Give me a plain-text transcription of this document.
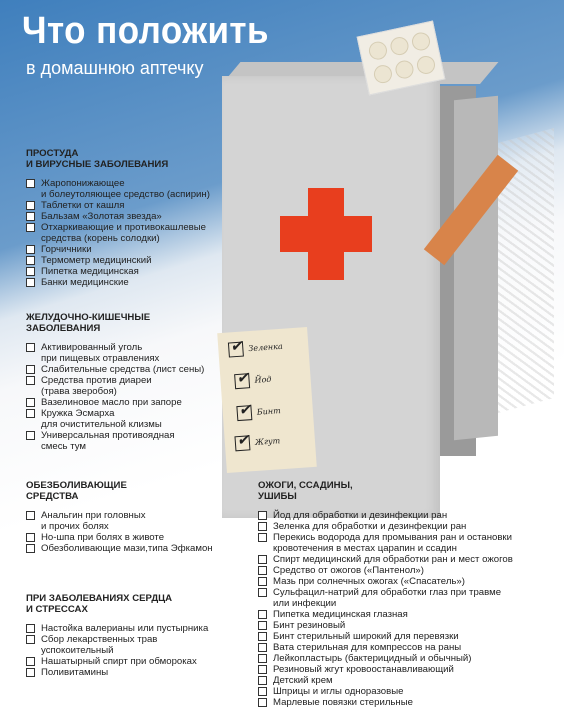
Что положить
в домашнюю аптечку
✔
Зеленка
✔
Йод
✔
Бинт
✔
Жгут
ПРОСТУДА
И ВИРУСНЫЕ ЗАБОЛЕВАНИЯ
Жаропонижающее
и болеутоляющее средство (аспирин)
Таблетки от кашля
Бальзам «Золотая звезда»
Отхаркивающие и противокашлевые
средства (корень солодки)
Горчичники
Термометр медицинский
Пипетка медицинская
Банки медицинские
ЖЕЛУДОЧНО-КИШЕЧНЫЕ
ЗАБОЛЕВАНИЯ
Активированный уголь
при пищевых отравлениях
Слабительные средства (лист сены)
Средства против диареи
(трава зверобоя)
Вазелиновое масло при запоре
Кружка Эсмарха
для очистительной клизмы
Универсальная противоядная
смесь тум
ОБЕЗБОЛИВАЮЩИЕ
СРЕДСТВА
Анальгин при головных
и прочих болях
Но-шпа при болях в животе
Обезболивающие мази,типа Эфкамон
ПРИ ЗАБОЛЕВАНИЯХ СЕРДЦА
И СТРЕССАХ
Настойка валерианы или пустырника
Сбор лекарственных трав
успокоительный
Нашатырный спирт при обмороках
Поливитамины
ОЖОГИ, ССАДИНЫ,
УШИБЫ
Йод для обработки и дезинфекции ран
Зеленка для обработки и дезинфекции ран
Перекись водорода для промывания ран и остановки
кровотечения в местах царапин и ссадин
Спирт медицинский для обработки ран и мест ожогов
Средство от ожогов («Пантенол»)
Мазь при солнечных ожогах («Спасатель»)
Сульфацил-натрий для обработки глаз при травме
или инфекции
Пипетка медицинская глазная
Бинт резиновый
Бинт стерильный широкий для перевязки
Вата стерильная для компрессов на раны
Лейкопластырь (бактерицидный и обычный)
Резиновый жгут кровоостанавливающий
Детский крем
Шприцы и иглы одноразовые
Марлевые повязки стерильные
